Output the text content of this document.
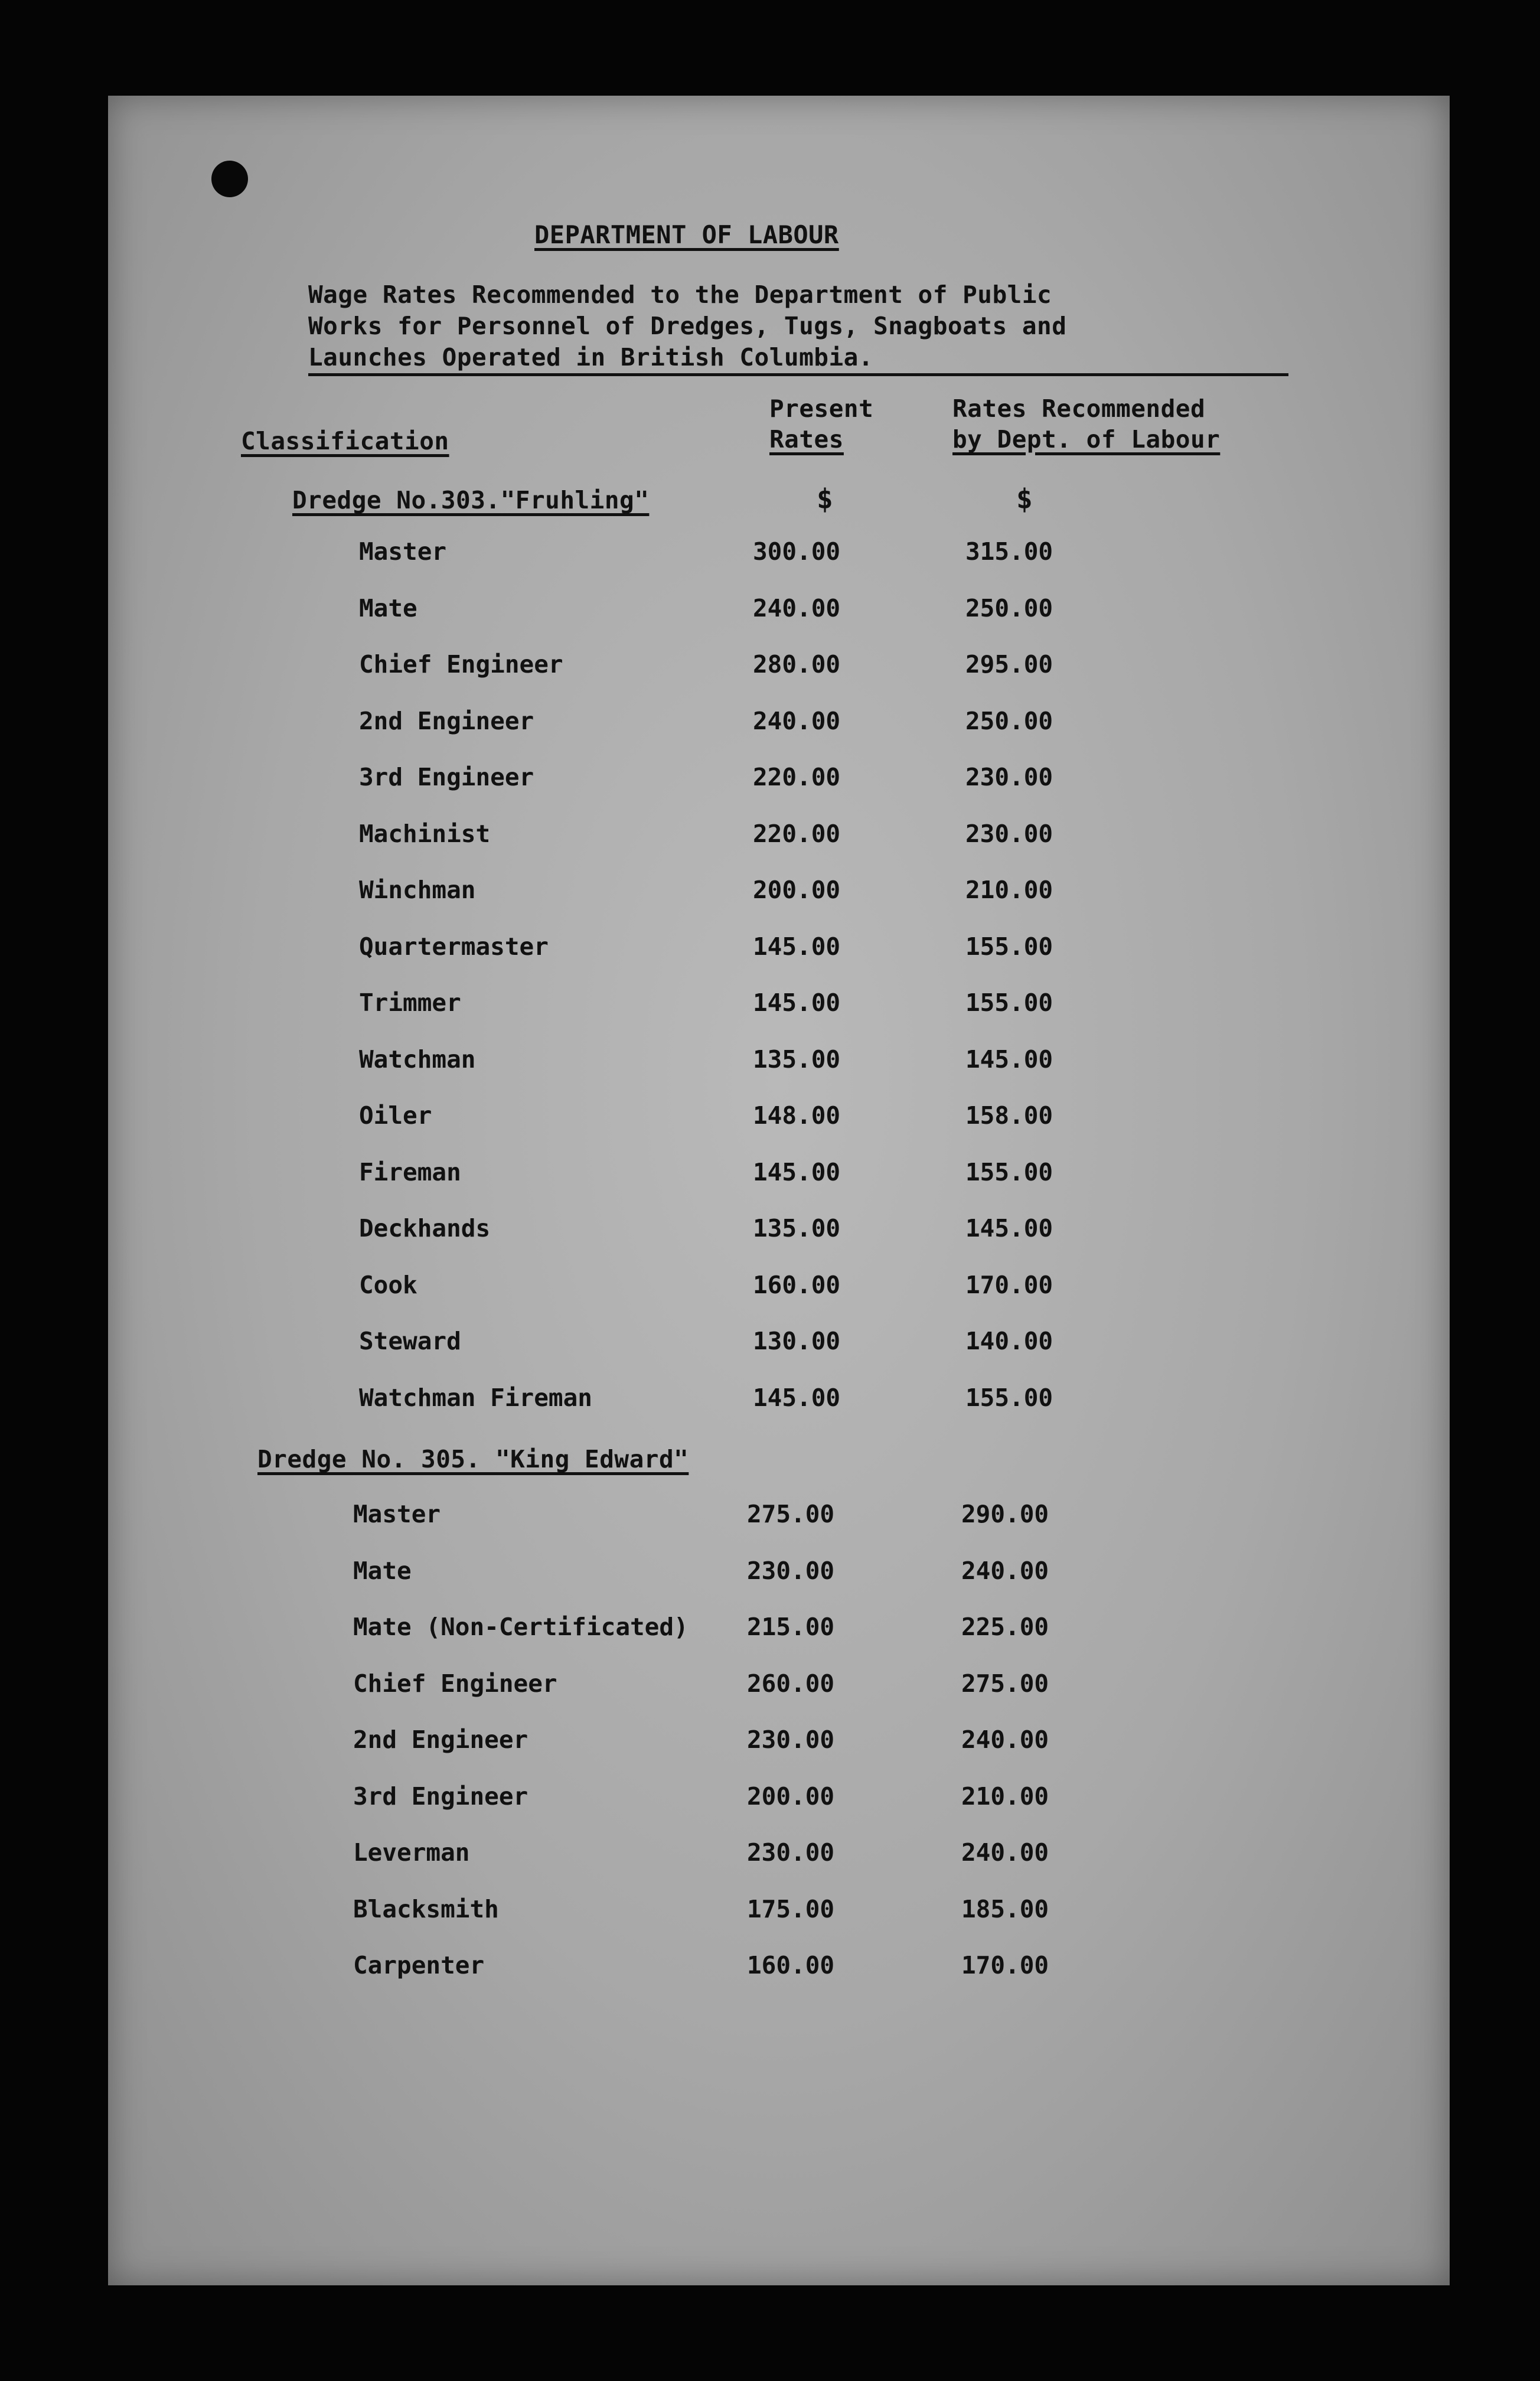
DEPARTMENT OF LABOUR
Wage Rates Recommended to the Department of Public
Works for Personnel of Dredges, Tugs, Snagboats and
Launches Operated in British Columbia.
Present
Rates
Rates Recommended
by Dept. of Labour
Classification
Dredge No.303."Fruhling"	$	$
Master	300.00	315.00
Mate	240.00	250.00
Chief Engineer	280.00	295.00
2nd Engineer	240.00	250.00
3rd Engineer	220.00	230.00
Machinist	220.00	230.00
Winchman	200.00	210.00
Quartermaster	145.00	155.00
Trimmer	145.00	155.00
Watchman	135.00	145.00
Oiler	148.00	158.00
Fireman	145.00	155.00
Deckhands	135.00	145.00
Cook	160.00	170.00
Steward	130.00	140.00
Watchman Fireman	145.00	155.00
Dredge No. 305. "King Edward"
Master	275.00	290.00
Mate	230.00	240.00
Mate (Non-Certificated) 215.00	225.00
Chief Engineer	260.00	275.00
2nd Engineer	230.00	240.00
3rd Engineer	200.00	210.00
Leverman	230.00	240.00
Blacksmith	175.00	185.00
Carpenter	160.00	170.00
